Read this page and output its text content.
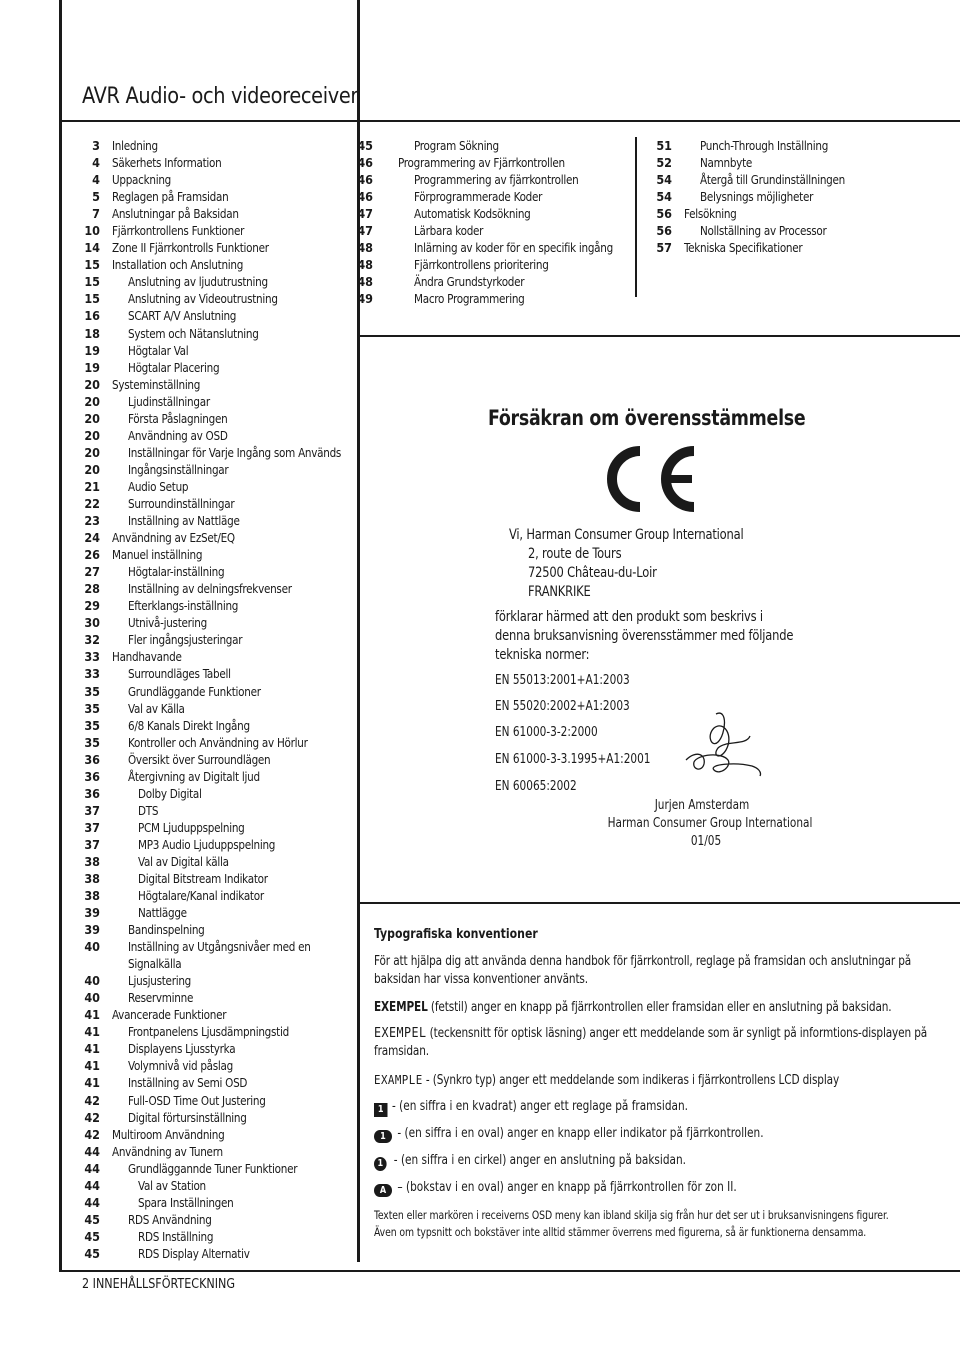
AVR Audio- och videoreceiver
3 Inledning
4 Säkerhets Information
4 Uppackning
5 Reglagen på Framsidan
7 Anslutningar på Baksidan
10 Fjärrkontrollens Funktioner
14 Zone II Fjärrkontrolls Funktioner
15 Installation och Anslutning
15 Anslutning av ljudutrustning
15 Anslutning av Videoutrustning
16 SCART A/V Anslutning
18 System och Nätanslutning
19 Högtalar Val
19 Högtalar Placering
20 Systeminställning
20 Ljudinställningar
20 Första Påslagningen
20 Användning av OSD
20 Inställningar för Varje Ingång som Används
20 Ingångsinställningar
21 Audio Setup
22 Surroundinställningar
23 Inställning av Nattläge
24 Användning av EzSet/EQ
26 Manuel inställning
27 Högtalar-inställning
28 Inställning av delningsfrekvenser
29 Efterklangs-inställning
30 Utnivå-justering
32 Fler ingångsjusteringar
33 Handhavande
33 Surroundläges Tabell
35 Grundläggande Funktioner
35 Val av Källa
35 6/8 Kanals Direkt Ingång
35 Kontroller och Användning av Hörlur
36 Översikt över Surroundlägen
36 Återgivning av Digitalt ljud
36	Dolby Digital
37	DTS
37	PCM Ljuduppspelning
37	MP3 Audio Ljuduppspelning
38	Val av Digital källa
38	Digital Bitstream Indikator
38	Högtalare/Kanal indikator
39	Nattlägge
39 Bandinspelning
40 Inställning av Utgångsnivåer med en Signalkälla
40 Ljusjustering
40 Reservminne
41 Avancerade Funktioner
41 Frontpanelens Ljusdämpningstid
41 Displayens Ljusstyrka
41 Volymnivå vid påslag
41 Inställning av Semi OSD
42 Full-OSD Time Out Justering
42 Digital förtursinställning
42 Multiroom Användning
44 Användning av Tunern
44 Grundläggannde Tuner Funktioner
44	Val av Station
44	Spara Inställningen
45 RDS Användning
45	RDS Inställning
45	RDS Display Alternativ
45	Program Sökning
46 Programmering av Fjärrkontrollen
46	Programmering av fjärrkontrollen
46	Förprogrammerade Koder
47	Automatisk Kodsökning
47	Lärbara koder
48	Inlärning av koder för en specifik ingång
48	Fjärrkontrollens prioritering
48	Ändra Grundstyrkoder
49	Macro Programmering
51 Punch-Through Inställning
52 Namnbyte
54 Återgå till Grundinställningen
54 Belysnings möjligheter
56 Felsökning
56 Nollställning av Processor
57 Tekniska Specifikationer
Försäkran om överensstämmelse
Vi, Harman Consumer Group International
2, route de Tours
72500 Château-du-Loir
FRANKRIKE
förklarar härmed att den produkt som beskrivs i
denna bruksanvisning överensstämmer med följande
tekniska normer:
EN 55013:2001+A1:2003
EN 55020:2002+A1:2003
EN 61000-3-2:2000
EN 61000-3-3.1995+A1:2001
EN 60065:2002
Jurjen Amsterdam
Harman Consumer Group International
01/05
Typografiska konventioner

För att hjälpa dig att använda denna handbok för fjärrkontroll, reglage på framsidan och anslutningar på baksidan har vissa konventioner använts.

EXEMPEL (fetstil) anger en knapp på fjärrkontrollen eller framsidan eller en anslutning på baksidan.

EXEMPEL (teckensnitt för optisk läsning) anger ett meddelande som är synligt på informtions-displayen på framsidan.

EXAMPLE - (Synkro typ) anger ett meddelande som indikeras i fjärrkontrollens LCD display

1 - (en siffra i en kvadrat) anger ett reglage på framsidan.
1 - (en siffra i en oval) anger en knapp eller indikator på fjärrkontrollen.
1 - (en siffra i en cirkel) anger en anslutning på baksidan.
A – (bokstav i en oval) anger en knapp på fjärrkontrollen för zon II.

Texten eller markören i receiverns OSD meny kan ibland skilja sig från hur det ser ut i bruksanvisningens figurer.

Även om typsnitt och bokstäver inte alltid stämmer överrens med figurerna, så är funktionerna densamma.

2 INNEHÅLLSFÖRTECKNING
